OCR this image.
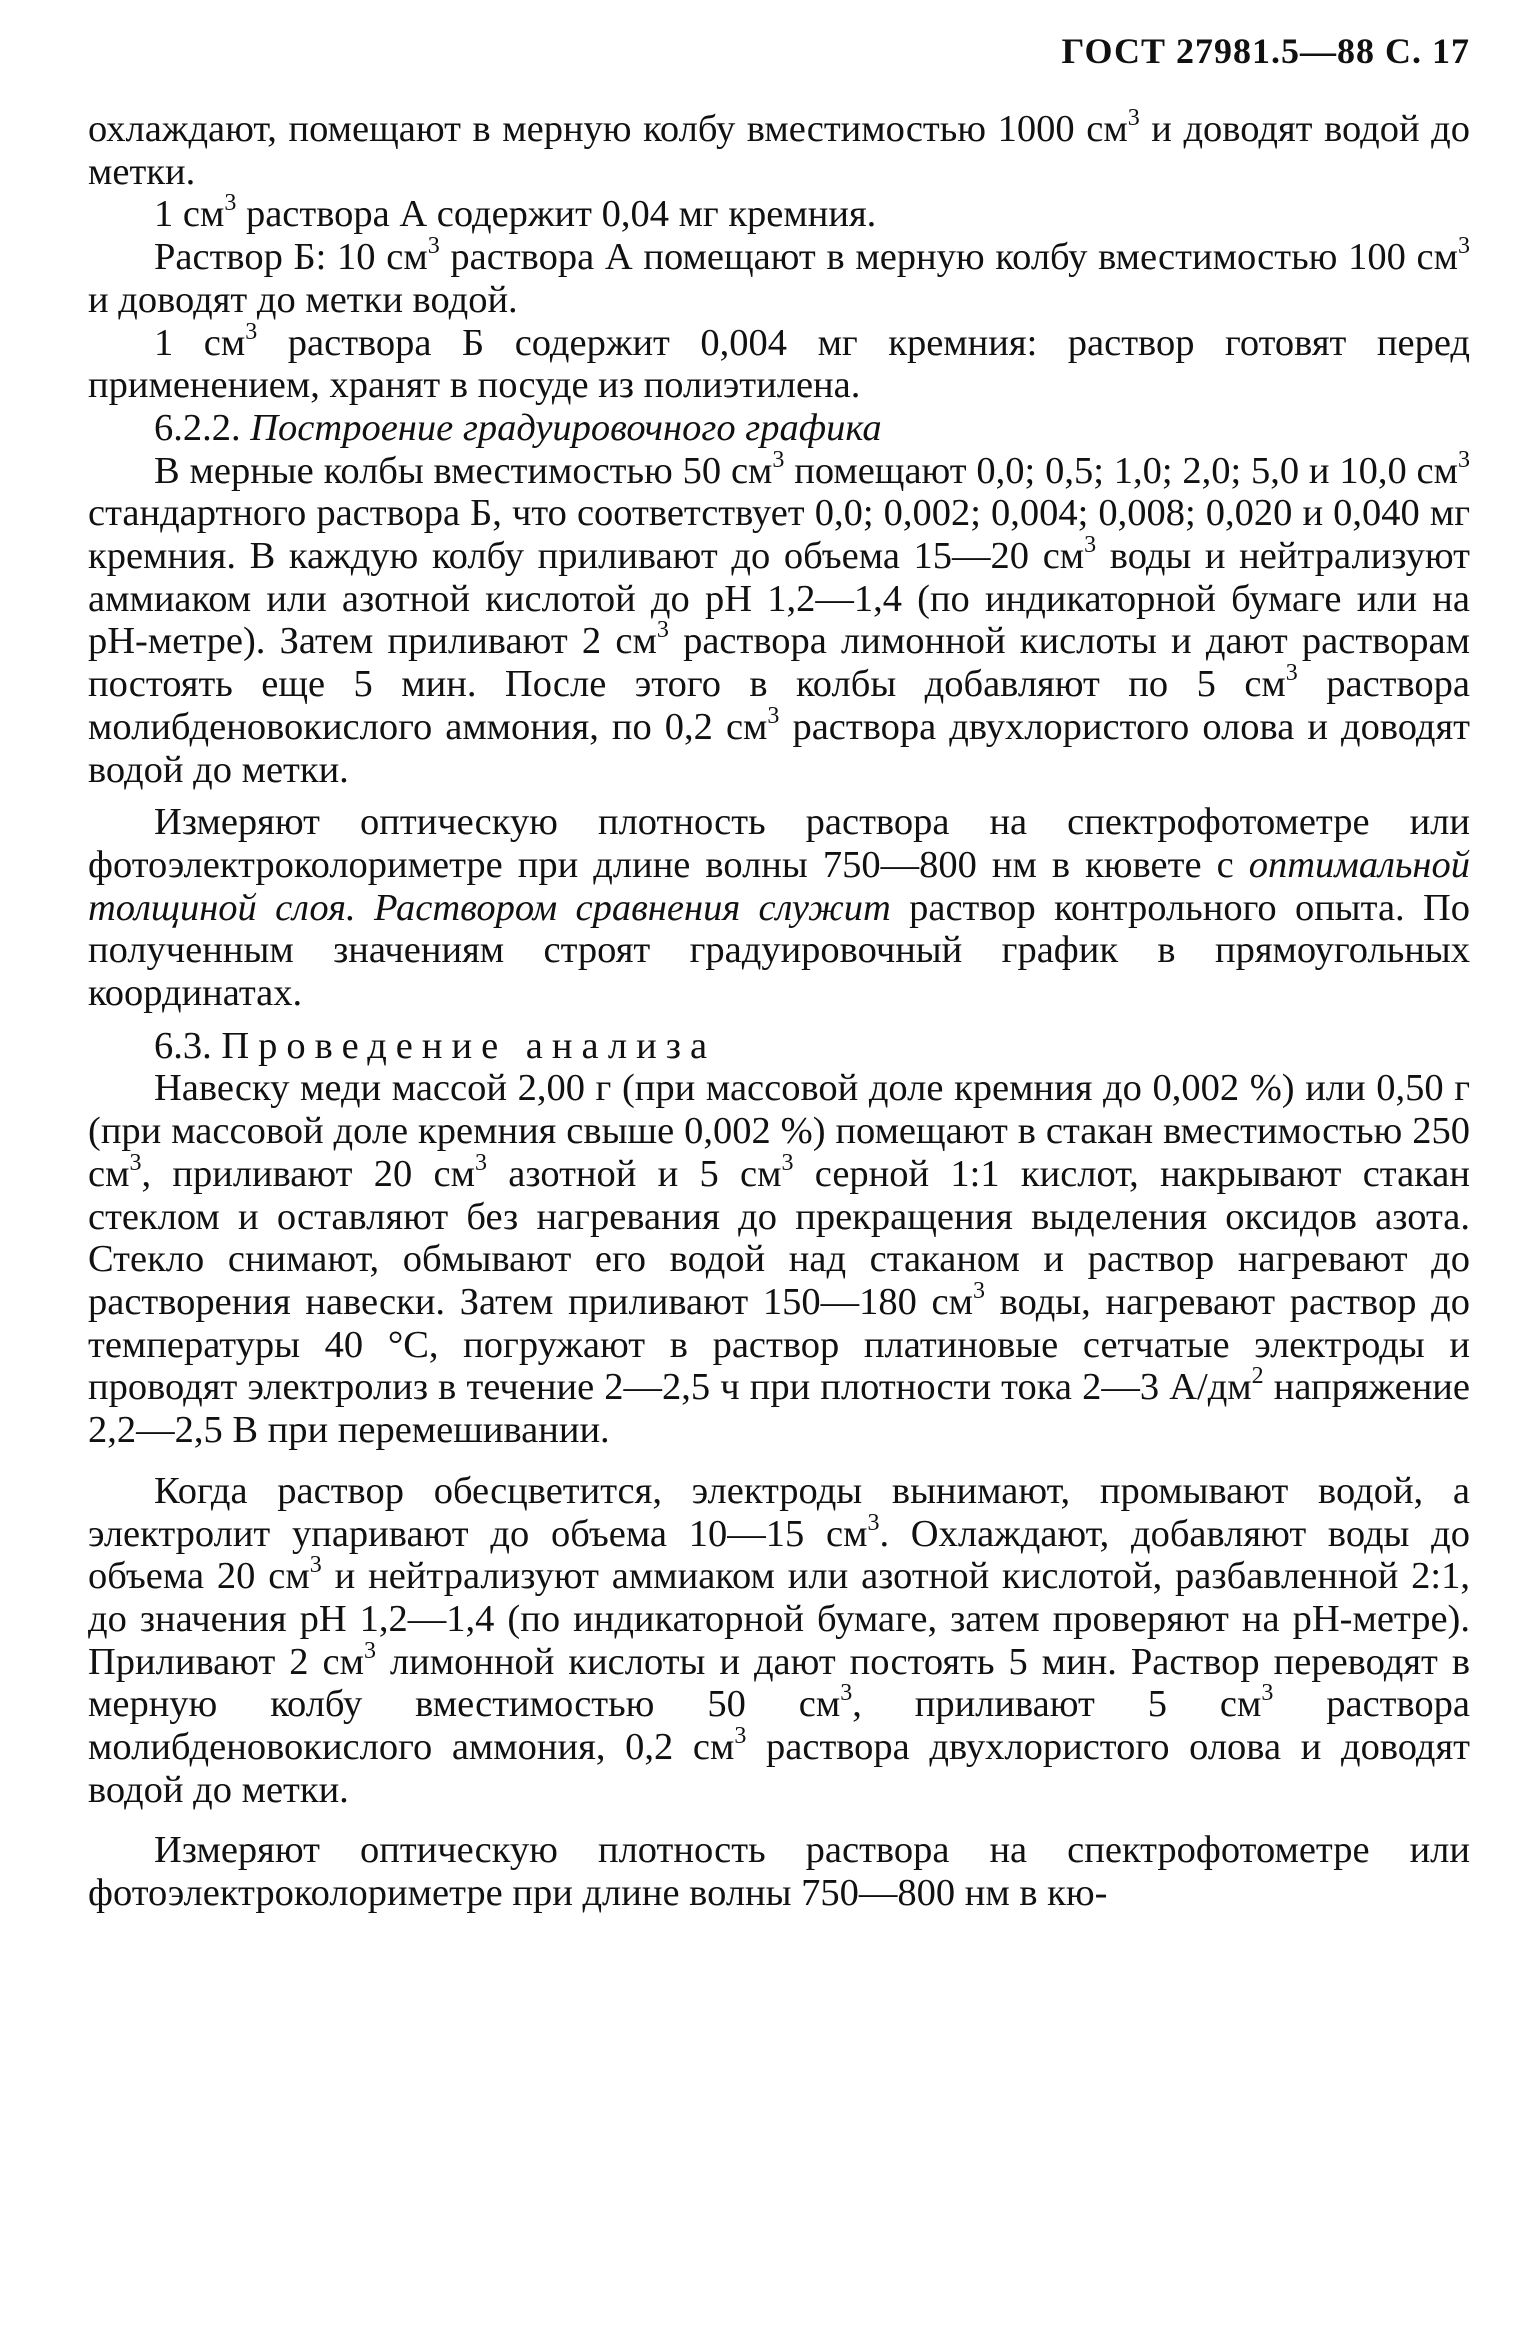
ГОСТ 27981.5—88 С. 17

охлаждают, помещают в мерную колбу вместимостью 1000 $см^3$ и доводят водой до метки.

1 $см^3$ раствора А содержит 0,04 мг кремния.

Раствор Б: 10 $см^3$ раствора А помещают в мерную колбу вместимостью 100 $см^3$ и доводят до метки водой.

1 $см^3$ раствора Б содержит 0,004 мг кремния: раствор готовят перед применением, хранят в посуде из полиэтилена.

6.2.2. Построение градуировочного графика

В мерные колбы вместимостью 50 $см^3$ помещают 0,0; 0,5; 1,0; 2,0; 5,0 и 10,0 $см^3$ стандартного раствора Б, что соответствует 0,0; 0,002; 0,004; 0,008; 0,020 и 0,040 мг кремния. В каждую колбу приливают до объема 15—20 $см^3$ воды и нейтрализуют аммиаком или азотной кислотой до pH 1,2—1,4 (по индикаторной бумаге или на pH-метре). Затем приливают 2 $см^3$ раствора лимонной кислоты и дают растворам постоять еще 5 мин. После этого в колбы добавляют по 5 $см^3$ раствора молибденовокислого аммония, по 0,2 $см^3$ раствора двухлористого олова и доводят водой до метки.

Измеряют оптическую плотность раствора на спектрофотометре или фотоэлектроколориметре при длине волны 750—800 нм в кювете с оптимальной толщиной слоя. Раствором сравнения служит раствор контрольного опыта. По полученным значениям строят градуировочный график в прямоугольных координатах.

6.3. Проведение анализа

Навеску меди массой 2,00 г (при массовой доле кремния до 0,002 %) или 0,50 г (при массовой доле кремния свыше 0,002 %) помещают в стакан вместимостью 250 $см^3$, приливают 20 $см^3$ азотной и 5 $см^3$ серной 1:1 кислот, накрывают стакан стеклом и оставляют без нагревания до прекращения выделения оксидов азота. Стекло снимают, обмывают его водой над стаканом и раствор нагревают до растворения навески. Затем приливают 150—180 $см^3$ воды, нагревают раствор до температуры 40 °С, погружают в раствор платиновые сетчатые электроды и проводят электролиз в течение 2—2,5 ч при плотности тока 2—3 $А/дм^2$ напряжение 2,2—2,5 В при перемешивании.

Когда раствор обесцветится, электроды вынимают, промывают водой, а электролит упаривают до объема 10—15 $см^3$. Охлаждают, добавляют воды до объема 20 $см^3$ и нейтрализуют аммиаком или азотной кислотой, разбавленной 2:1, до значения pH 1,2—1,4 (по индикаторной бумаге, затем проверяют на pH-метре). Приливают 2 $см^3$ лимонной кислоты и дают постоять 5 мин. Раствор переводят в мерную колбу вместимостью 50 $см^3$, приливают 5 $см^3$ раствора молибденовокислого аммония, 0,2 $см^3$ раствора двухлористого олова и доводят водой до метки.

Измеряют оптическую плотность раствора на спектрофотометре или фотоэлектроколориметре при длине волны 750—800 нм в кю-
